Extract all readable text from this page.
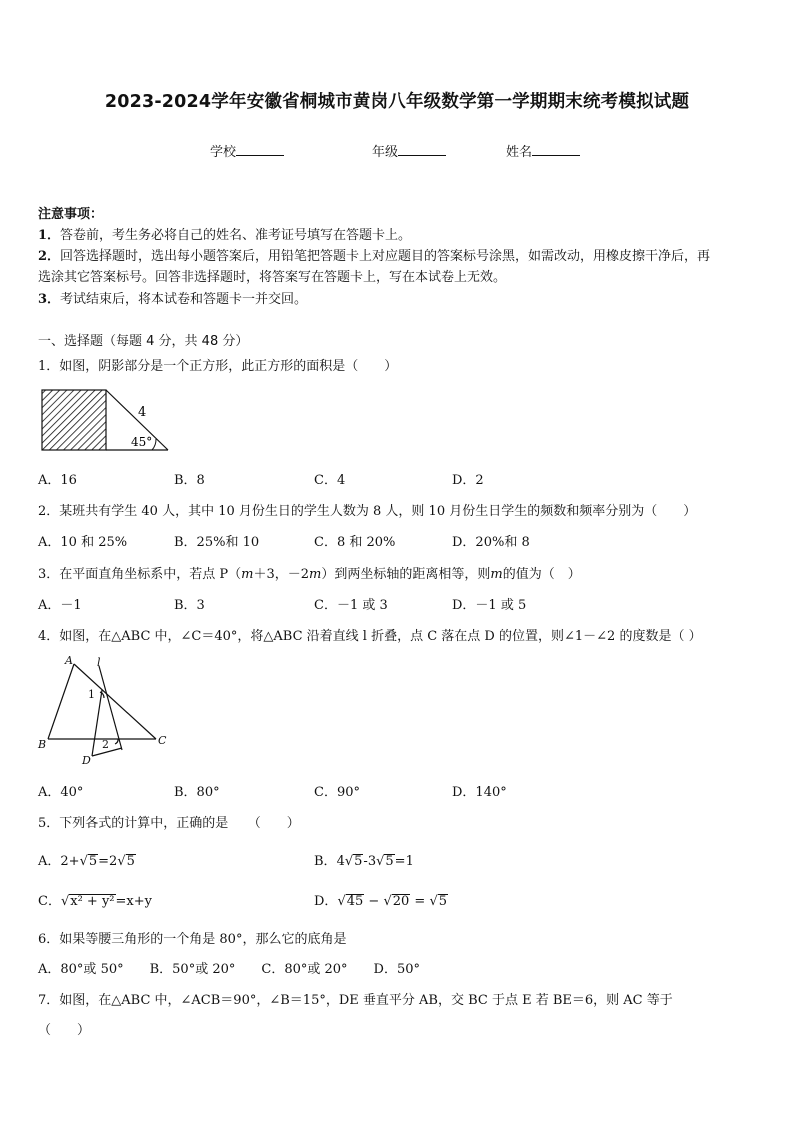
2023-2024学年安徽省桐城市黄岗八年级数学第一学期期末统考模拟试题
学校	年级	姓名
注意事项：
1．答卷前，考生务必将自己的姓名、准考证号填写在答题卡上。
2．回答选择题时，选出每小题答案后，用铅笔把答题卡上对应题目的答案标号涂黑，如需改动，用橡皮擦干净后，再
选涂其它答案标号。回答非选择题时，将答案写在答题卡上，写在本试卷上无效。
3．考试结束后，将本试卷和答题卡一并交回。
一、选择题（每题 4 分，共 48 分）
1．如图，阴影部分是一个正方形，此正方形的面积是（　　）
4
45°
A．16	B．8	C．4	D．2
2．某班共有学生 40 人，其中 10 月份生日的学生人数为 8 人，则 10 月份生日学生的频数和频率分别为（　　）
A．10 和 25%	B．25%和 10	C．8 和 20%	D．20%和 8
3．在平面直角坐标系中，若点 P（m＋3，－2m）到两坐标轴的距离相等，则m的值为（　）
A．－1	B．3	C．－1 或 3	D．－1 或 5
4．如图，在△ABC 中，∠C＝40°，将△ABC 沿着直线 l 折叠，点 C 落在点 D 的位置，则∠1－∠2 的度数是（ ）
A
B	C
D
l
1
2
A．40°	B．80°	C．90°	D．140°
5．下列各式的计算中，正确的是　　（　　）
A．2+√5=2√5	B．4√5-3√5=1
C．√x² + y²=x+y	D．√45 − √20 = √5
6．如果等腰三角形的一个角是 80°，那么它的底角是
A．80°或 50°　　B．50°或 20°　　C．80°或 20°　　D．50°
7．如图，在△ABC 中，∠ACB＝90°，∠B＝15°，DE 垂直平分 AB，交 BC 于点 E 若 BE＝6，则 AC 等于
（　　）
